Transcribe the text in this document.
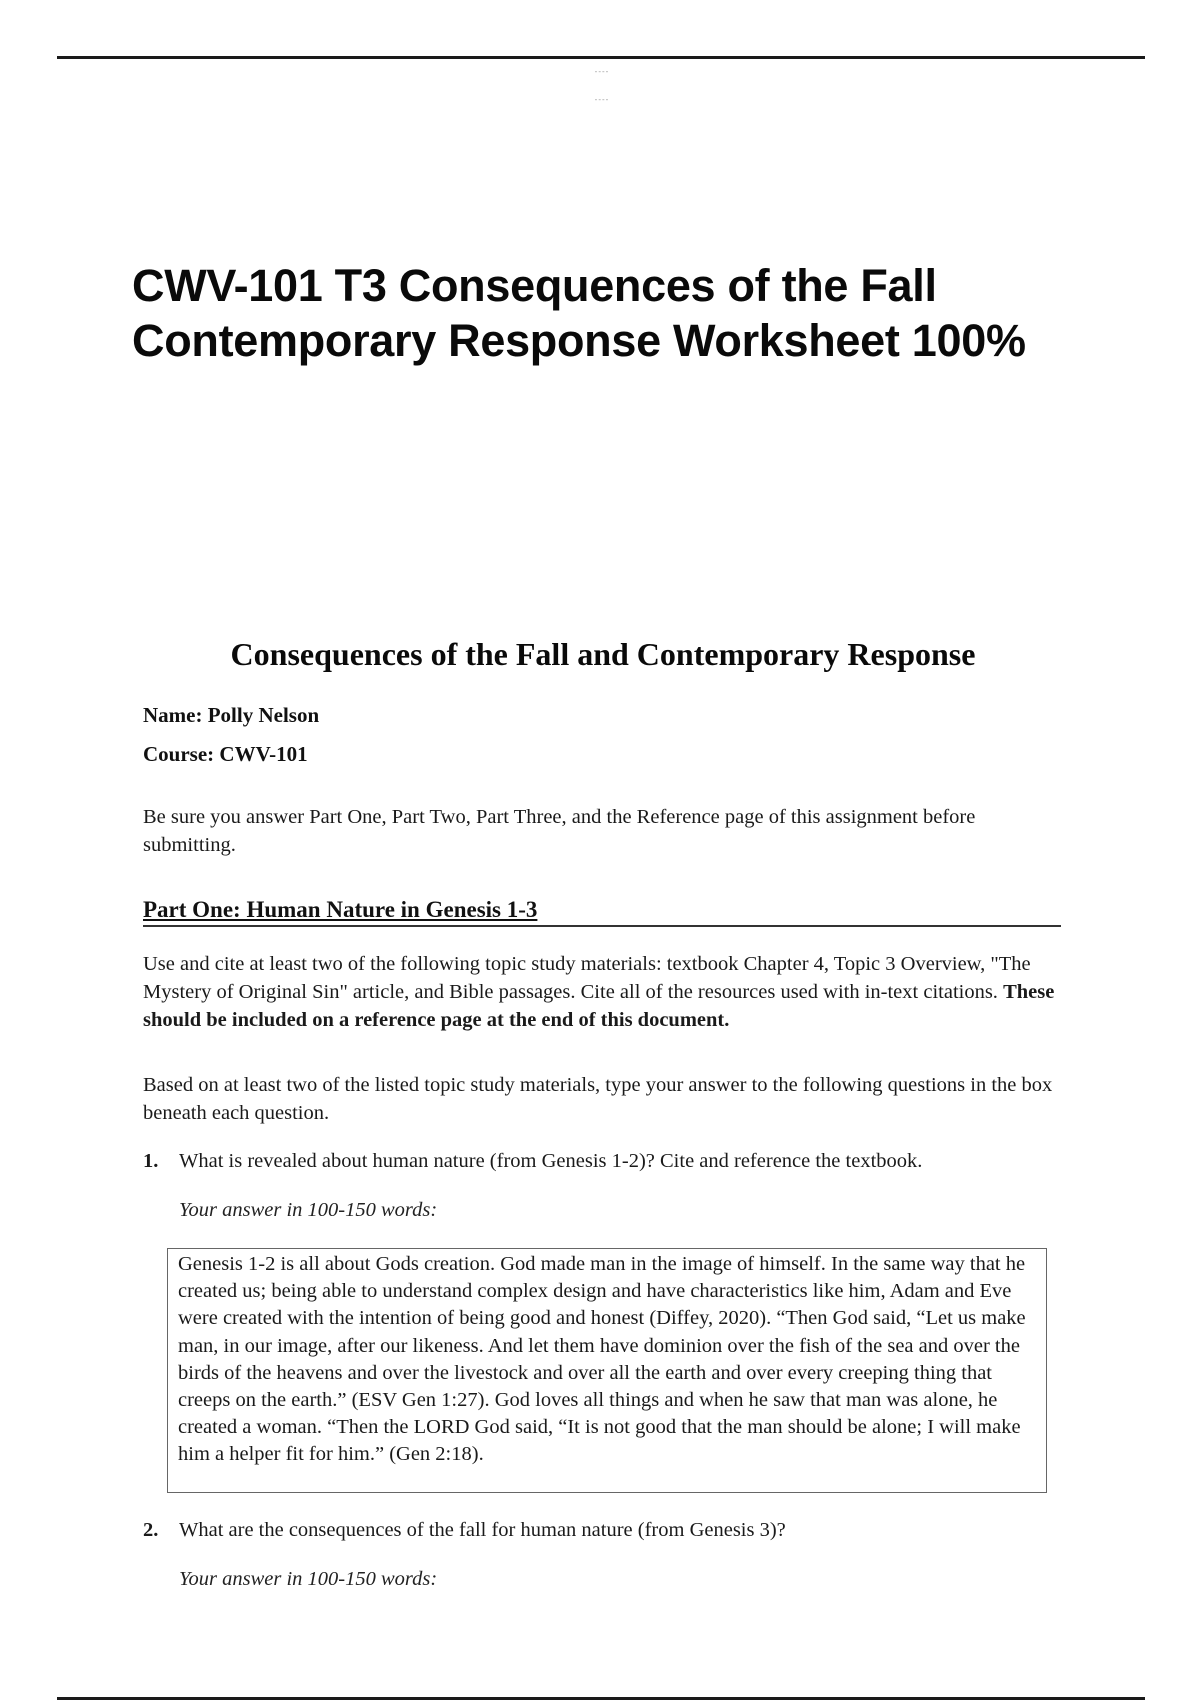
----
----
CWV-101 T3 Consequences of the Fall Contemporary Response Worksheet 100%
Consequences of the Fall and Contemporary Response
Name: Polly Nelson
Course: CWV-101

Be sure you answer Part One, Part Two, Part Three, and the Reference page of this assignment before submitting.

Part One: Human Nature in Genesis 1-3

Use and cite at least two of the following topic study materials: textbook Chapter 4, Topic 3 Overview, "The Mystery of Original Sin" article, and Bible passages. Cite all of the resources used with in-text citations. These should be included on a reference page at the end of this document.

Based on at least two of the listed topic study materials, type your answer to the following questions in the box beneath each question.

1. What is revealed about human nature (from Genesis 1-2)? Cite and reference the textbook.
Your answer in 100-150 words:
Genesis 1-2 is all about Gods creation. God made man in the image of himself. In the same way that he created us; being able to understand complex design and have characteristics like him, Adam and Eve were created with the intention of being good and honest (Diffey, 2020). “Then God said, “Let us make man, in our image, after our likeness. And let them have dominion over the fish of the sea and over the birds of the heavens and over the livestock and over all the earth and over every creeping thing that creeps on the earth.” (ESV Gen 1:27). God loves all things and when he saw that man was alone, he created a woman. “Then the LORD God said, “It is not good that the man should be alone; I will make him a helper fit for him.” (Gen 2:18).
2. What are the consequences of the fall for human nature (from Genesis 3)?
Your answer in 100-150 words:
